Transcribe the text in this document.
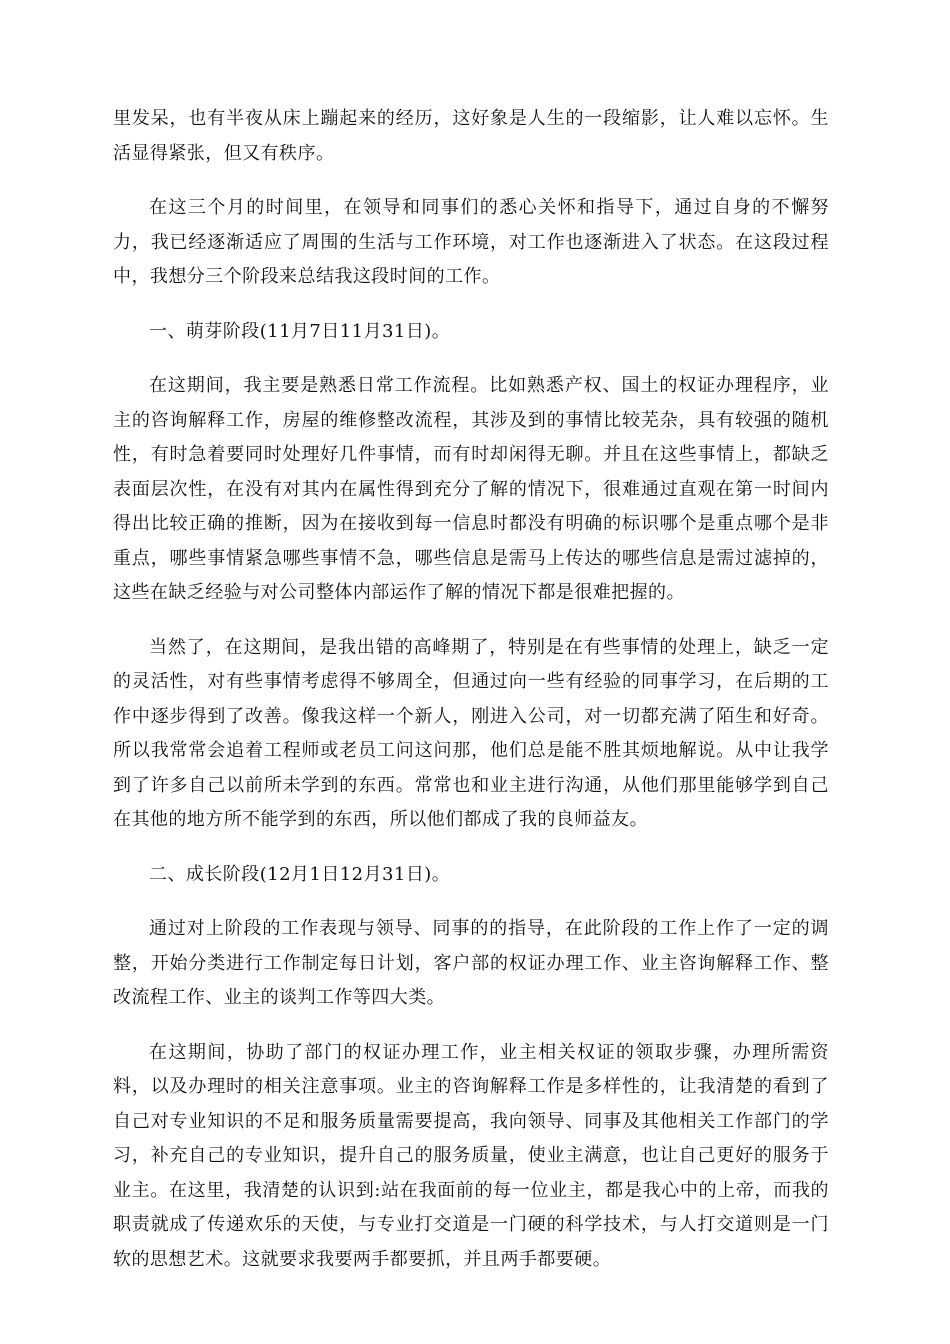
里发呆，也有半夜从床上蹦起来的经历，这好象是人生的一段缩影，让人难以忘怀。生活显得紧张，但又有秩序。

在这三个月的时间里，在领导和同事们的悉心关怀和指导下，通过自身的不懈努力，我已经逐渐适应了周围的生活与工作环境，对工作也逐渐进入了状态。在这段过程中，我想分三个阶段来总结我这段时间的工作。

一、萌芽阶段(11月7日11月31日)。

在这期间，我主要是熟悉日常工作流程。比如熟悉产权、国土的权证办理程序，业主的咨询解释工作，房屋的维修整改流程，其涉及到的事情比较芜杂，具有较强的随机性，有时急着要同时处理好几件事情，而有时却闲得无聊。并且在这些事情上，都缺乏表面层次性，在没有对其内在属性得到充分了解的情况下，很难通过直观在第一时间内得出比较正确的推断，因为在接收到每一信息时都没有明确的标识哪个是重点哪个是非重点，哪些事情紧急哪些事情不急，哪些信息是需马上传达的哪些信息是需过滤掉的，这些在缺乏经验与对公司整体内部运作了解的情况下都是很难把握的。

当然了，在这期间，是我出错的高峰期了，特别是在有些事情的处理上，缺乏一定的灵活性，对有些事情考虑得不够周全，但通过向一些有经验的同事学习，在后期的工作中逐步得到了改善。像我这样一个新人，刚进入公司，对一切都充满了陌生和好奇。所以我常常会追着工程师或老员工问这问那，他们总是能不胜其烦地解说。从中让我学到了许多自己以前所未学到的东西。常常也和业主进行沟通，从他们那里能够学到自己在其他的地方所不能学到的东西，所以他们都成了我的良师益友。

二、成长阶段(12月1日12月31日)。

通过对上阶段的工作表现与领导、同事的的指导，在此阶段的工作上作了一定的调整，开始分类进行工作制定每日计划，客户部的权证办理工作、业主咨询解释工作、整改流程工作、业主的谈判工作等四大类。

在这期间，协助了部门的权证办理工作，业主相关权证的领取步骤，办理所需资料，以及办理时的相关注意事项。业主的咨询解释工作是多样性的，让我清楚的看到了自己对专业知识的不足和服务质量需要提高，我向领导、同事及其他相关工作部门的学习，补充自己的专业知识，提升自己的服务质量，使业主满意，也让自己更好的服务于业主。在这里，我清楚的认识到:站在我面前的每一位业主，都是我心中的上帝，而我的职责就成了传递欢乐的天使，与专业打交道是一门硬的科学技术，与人打交道则是一门软的思想艺术。这就要求我要两手都要抓，并且两手都要硬。
